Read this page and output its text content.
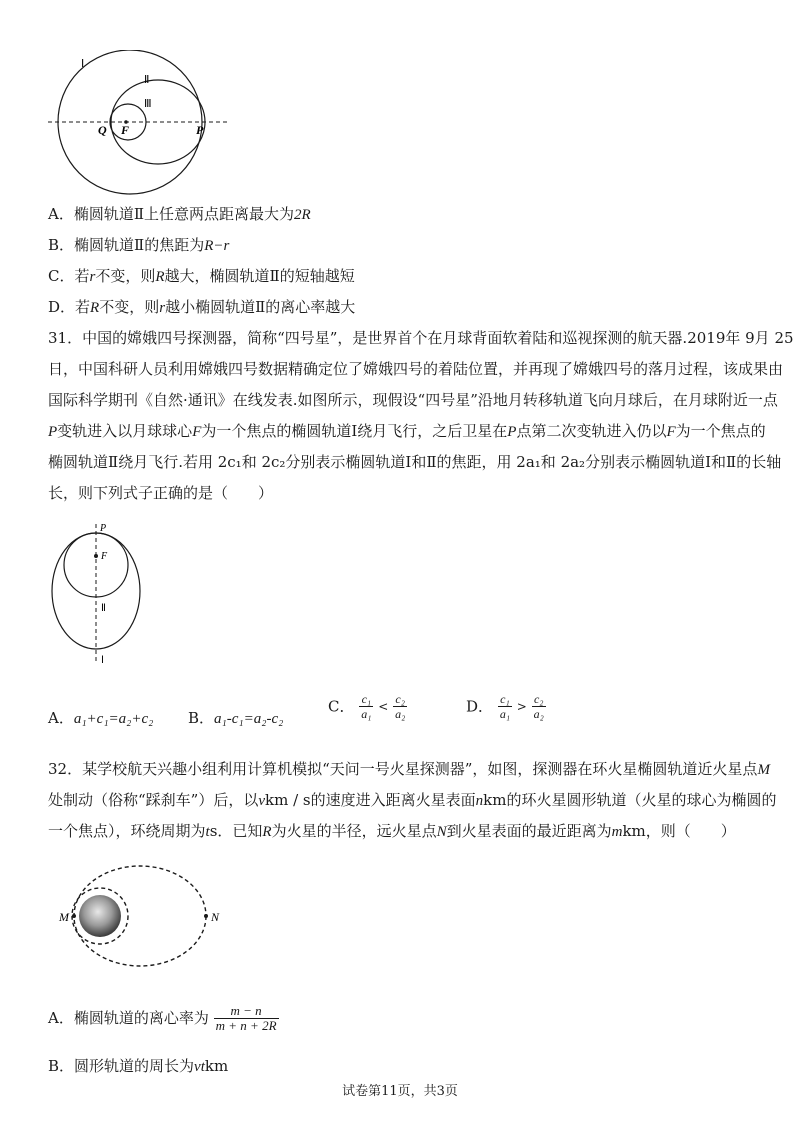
Ⅰ
Ⅱ
Ⅲ
Q F	P
A．椭圆轨道Ⅱ上任意两点距离最大为2R
B．椭圆轨道Ⅱ的焦距为R−r
C．若r不变，则R越大，椭圆轨道Ⅱ的短轴越短
D．若R不变，则r越小椭圆轨道Ⅱ的离心率越大
31．中国的嫦娥四号探测器，简称“四号星”，是世界首个在月球背面软着陆和巡视探测的航天器.2019年 9月 25
日，中国科研人员利用嫦娥四号数据精确定位了嫦娥四号的着陆位置，并再现了嫦娥四号的落月过程，该成果由
国际科学期刊《自然·通讯》在线发表.如图所示，现假设“四号星”沿地月转移轨道飞向月球后，在月球附近一点
P变轨进入以月球球心F为一个焦点的椭圆轨道Ⅰ绕月飞行，之后卫星在P点第二次变轨进入仍以F为一个焦点的
椭圆轨道Ⅱ绕月飞行.若用 2c₁和 2c₂分别表示椭圆轨道Ⅰ和Ⅱ的焦距，用 2a₁和 2a₂分别表示椭圆轨道Ⅰ和Ⅱ的长轴
长，则下列式子正确的是（　　）
P
F
Ⅱ
Ⅰ
A．a₁+c₁=a₂+c₂ B．a₁-c₁=a₂-c₂
C． $\frac{\text{c₁}}{\text{a₁}} < \frac{\text{c₂}}{\text{a₂}}$	D． $\frac{\text{c₁}}{\text{a₁}} > \frac{\text{c₂}}{\text{a₂}}$
32．某学校航天兴趣小组利用计算机模拟“天问一号火星探测器”，如图，探测器在环火星椭圆轨道近火星点M
处制动（俗称“踩刹车”）后，以vkm / s的速度进入距离火星表面nkm的环火星圆形轨道（火星的球心为椭圆的
一个焦点），环绕周期为ts．已知R为火星的半径，远火星点N到火星表面的最近距离为mkm，则（　　）
M	N
A．椭圆轨道的离心率为 $\frac{m - n}{m + n + 2R}$
B．圆形轨道的周长为vtkm
试卷第11页，共3页
